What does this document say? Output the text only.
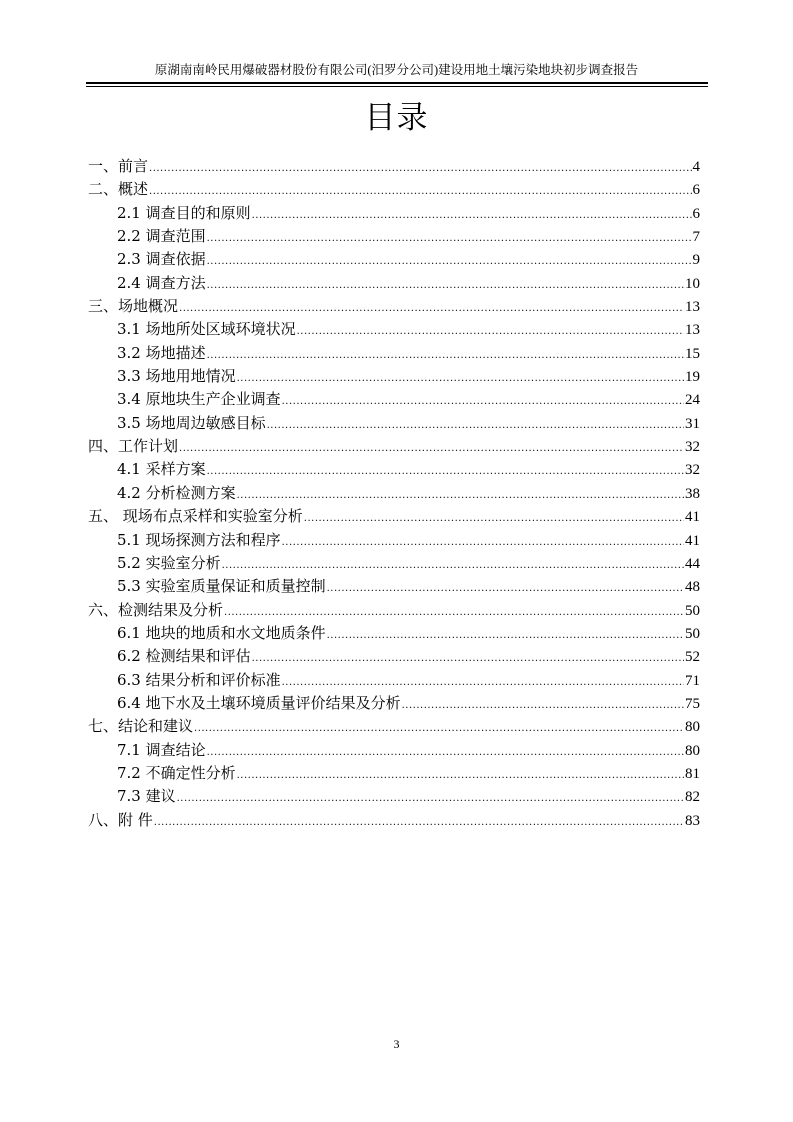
原湖南南岭民用爆破器材股份有限公司(汨罗分公司)建设用地土壤污染地块初步调查报告
目录
一、前言 .....	4
二、概述 .....	6
2.1 调查目的和原则 .....	6
2.2 调查范围 .....	7
2.3 调查依据 .....	9
2.4 调查方法 .....	10
三、场地概况 .....	13
3.1 场地所处区域环境状况 .....	13
3.2 场地描述 .....	15
3.3 场地用地情况 .....	19
3.4 原地块生产企业调查 .....	24
3.5 场地周边敏感目标 .....	31
四、工作计划 .....	32
4.1 采样方案 .....	32
4.2 分析检测方案 .....	38
五、 现场布点采样和实验室分析 .....	41
5.1 现场探测方法和程序 .....	41
5.2 实验室分析 .....	44
5.3 实验室质量保证和质量控制 .....	48
六、检测结果及分析 .....	50
6.1 地块的地质和水文地质条件 .....	50
6.2 检测结果和评估 .....	52
6.3 结果分析和评价标准 .....	71
6.4 地下水及土壤环境质量评价结果及分析 .....	75
七、结论和建议 .....	80
7.1 调查结论 .....	80
7.2 不确定性分析 .....	81
7.3 建议 .....	82
八、附 件 .....	83
3
